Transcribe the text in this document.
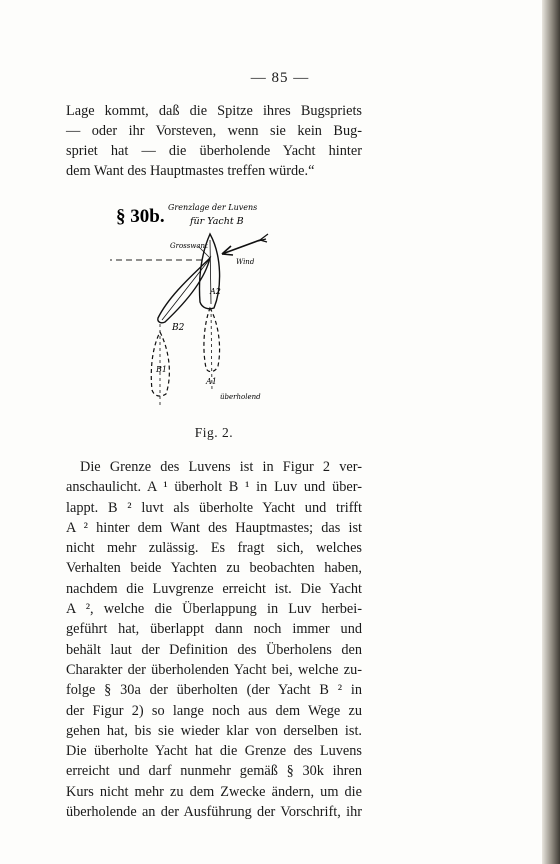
— 85 —
Lage kommt, daß die Spitze ihres Bugspriets
— oder ihr Vorsteven, wenn sie kein Bug-
spriet hat — die überholende Yacht hinter
dem Want des Hauptmastes treffen würde.“
§ 30b. Grenzlage der Luvens
für Yacht B
Grosswant
Wind
A2
B2
A1
überholend
B1
Fig. 2.
Die Grenze des Luvens ist in Figur 2 ver-
anschaulicht. A ¹ überholt B ¹ in Luv und über-
lappt. B ² luvt als überholte Yacht und trifft
A ² hinter dem Want des Hauptmastes; das ist
nicht mehr zulässig. Es fragt sich, welches
Verhalten beide Yachten zu beobachten haben,
nachdem die Luvgrenze erreicht ist. Die Yacht
A ², welche die Überlappung in Luv herbei-
geführt hat, überlappt dann noch immer und
behält laut der Definition des Überholens den
Charakter der überholenden Yacht bei, welche zu-
folge § 30a der überholten (der Yacht B ² in
der Figur 2) so lange noch aus dem Wege zu
gehen hat, bis sie wieder klar von derselben ist.
Die überholte Yacht hat die Grenze des Luvens
erreicht und darf nunmehr gemäß § 30k ihren
Kurs nicht mehr zu dem Zwecke ändern, um die
überholende an der Ausführung der Vorschrift, ihr
